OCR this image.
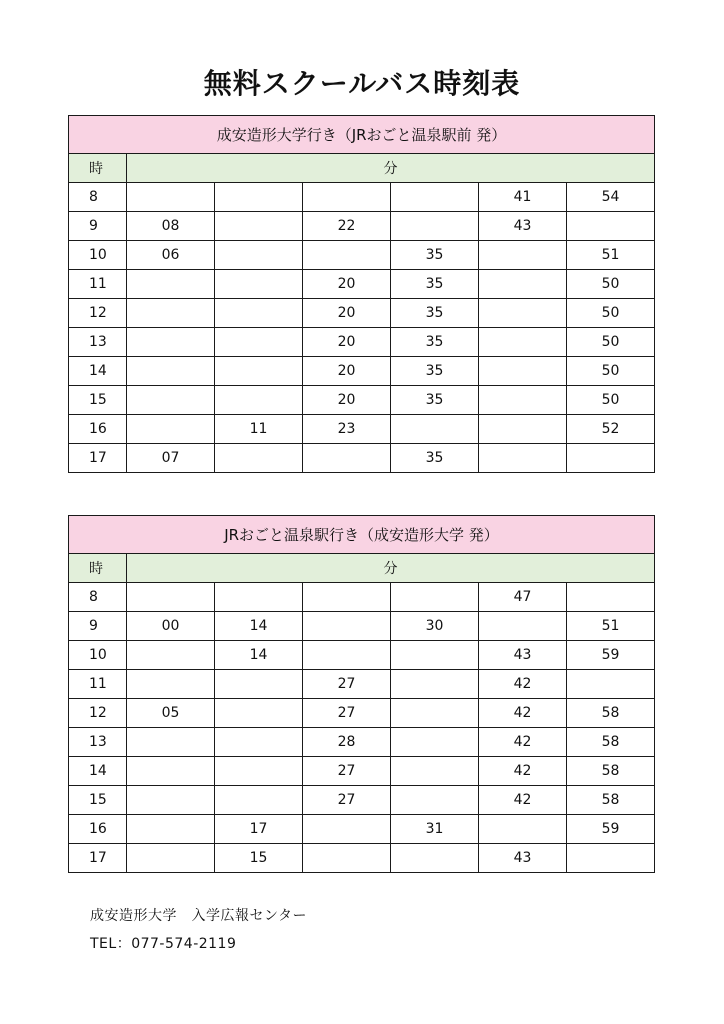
無料スクールバス時刻表
成安造形大学行き（JRおごと温泉駅前 発）						
時	分					
8					41	54
9	08		22		43	
10	06			35		51
11			20	35		50
12			20	35		50
13			20	35		50
14			20	35		50
15			20	35		50
16		11	23			52
17	07			35		
JRおごと温泉駅行き（成安造形大学 発）						
時	分					
8					47	
9	00	14		30		51
10		14			43	59
11			27		42	
12	05		27		42	58
13			28		42	58
14			27		42	58
15			27		42	58
16		17		31		59
17		15			43	
成安造形大学　入学広報センター
TEL：077-574-2119
